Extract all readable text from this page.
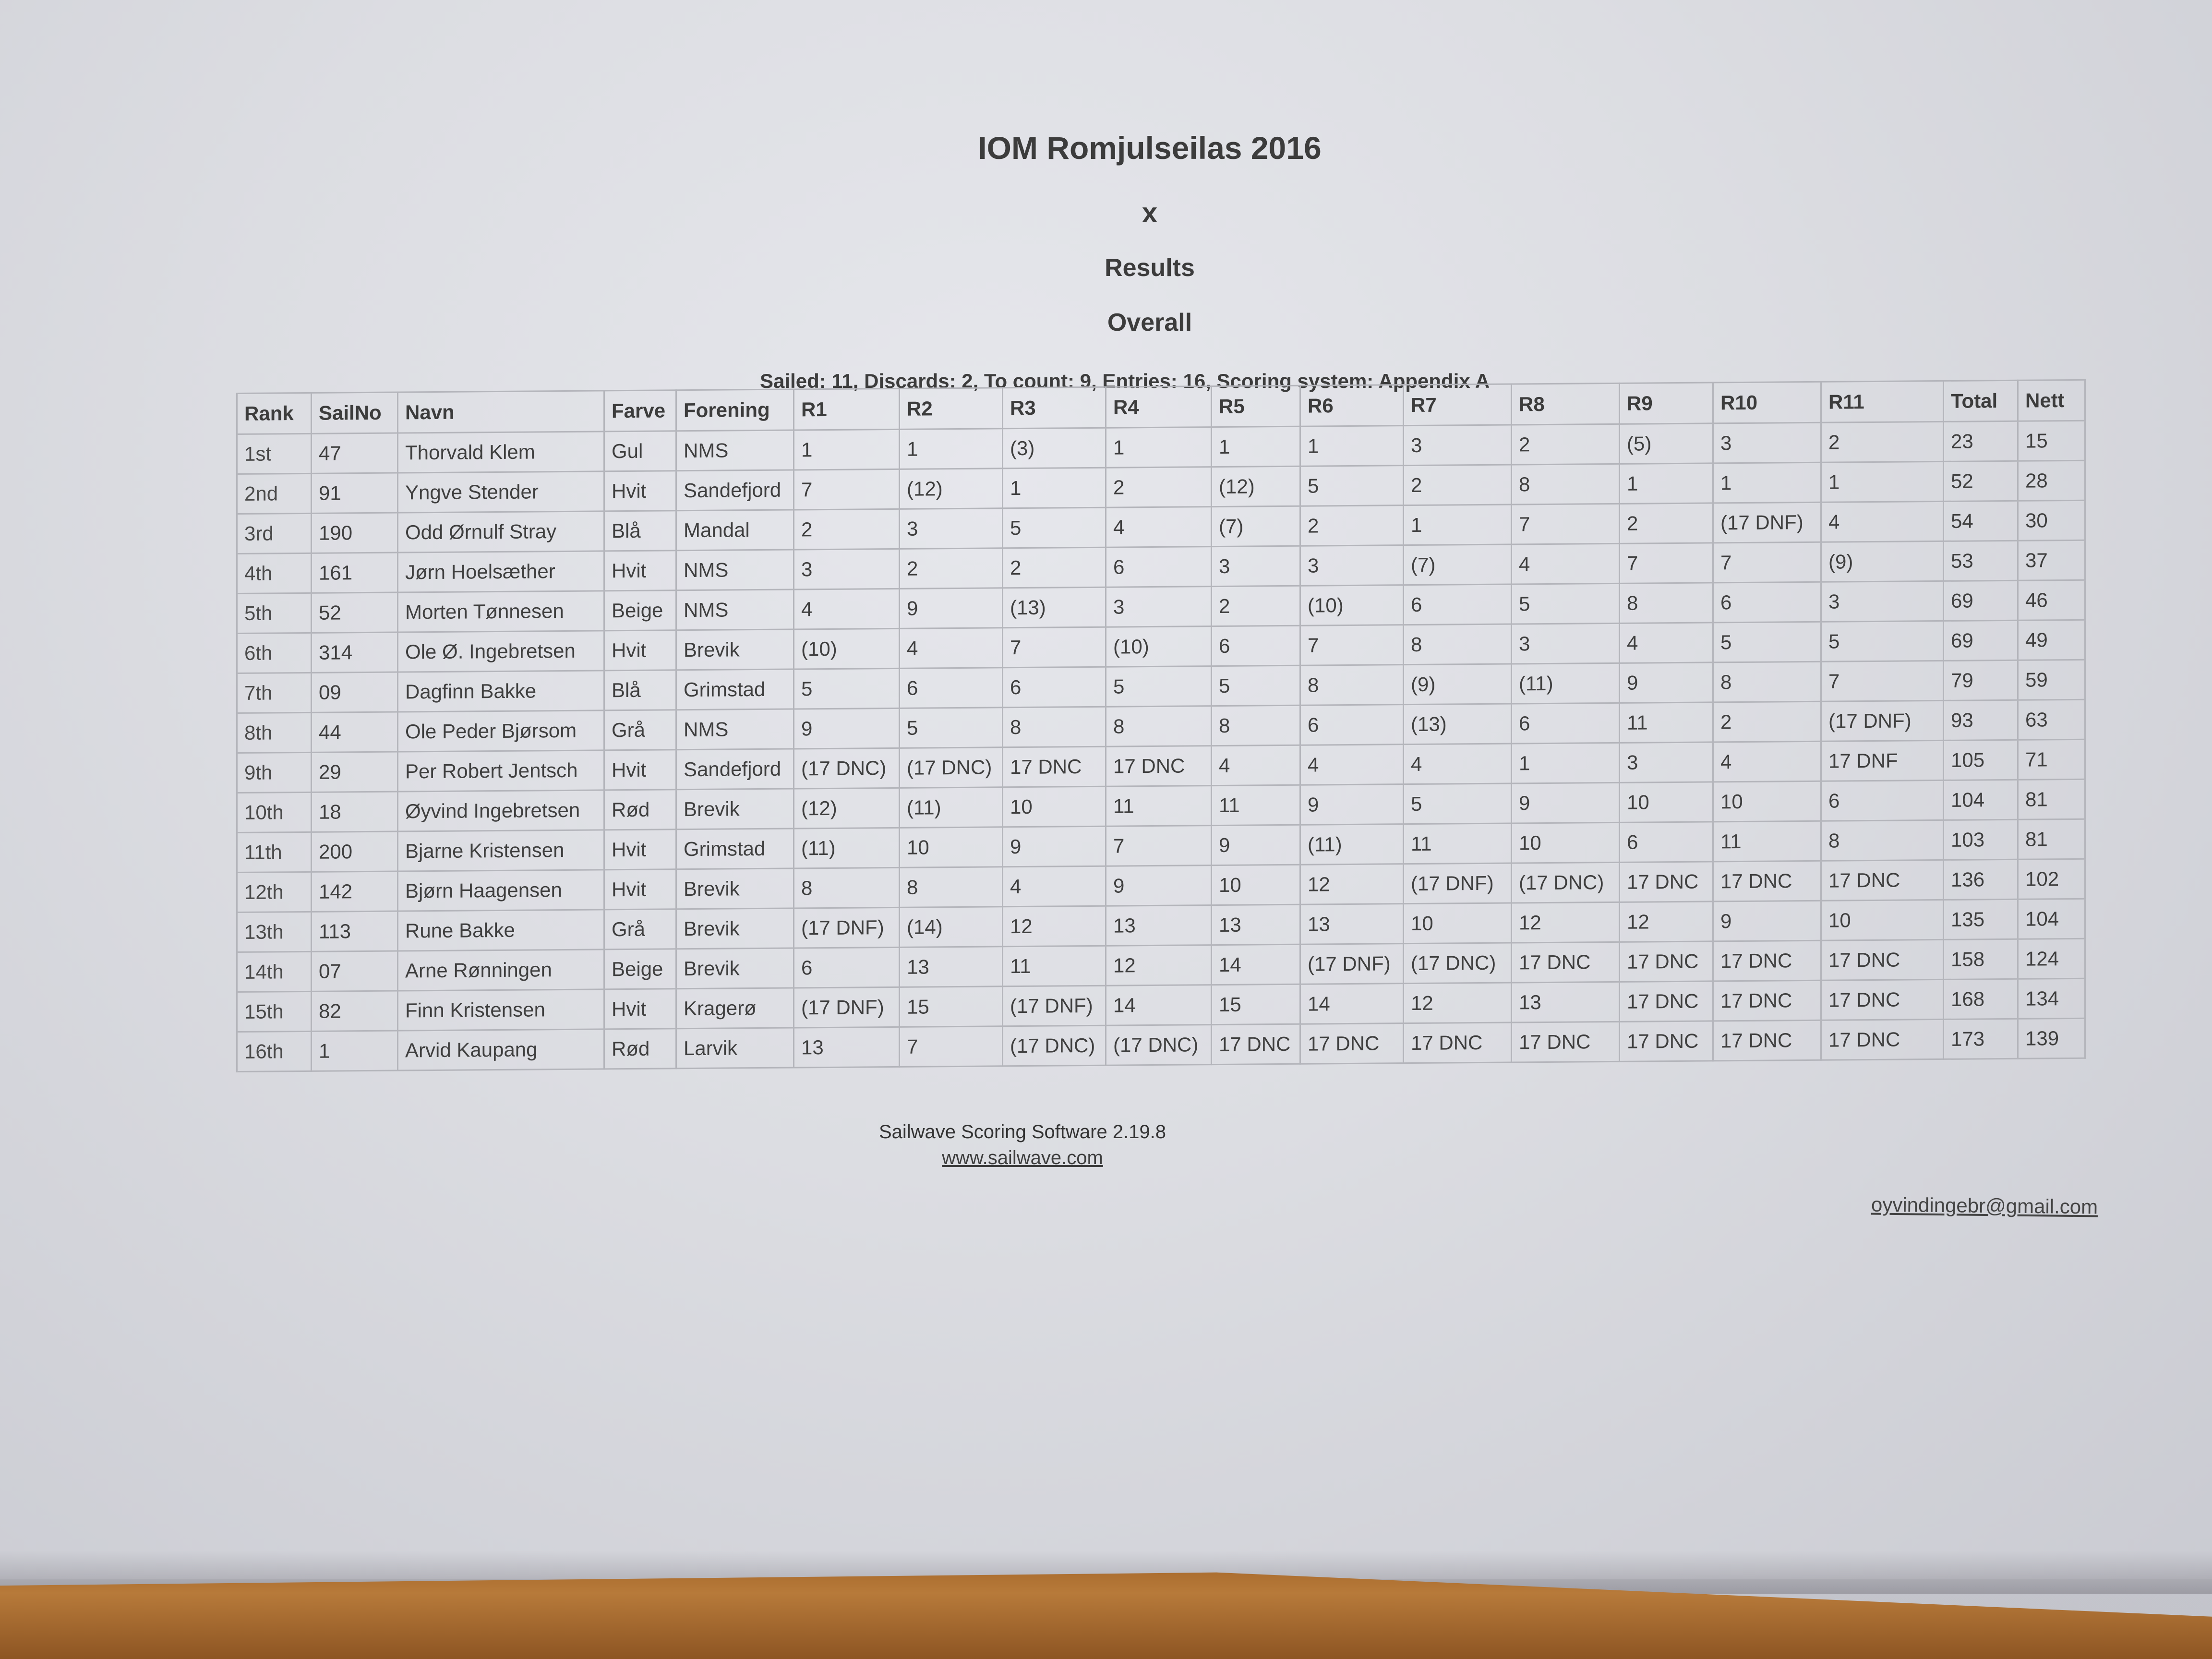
IOM Romjulseilas 2016
x
Results
Overall
Sailed: 11, Discards: 2, To count: 9, Entries: 16, Scoring system: Appendix A
Rank	SailNo	Navn	Farve	Forening	R1	R2	R3	R4	R5	R6	R7	R8	R9	R10	R11	Total	Nett
1st	47	Thorvald Klem	Gul	NMS	1	1	(3)	1	1	1	3	2	(5)	3	2	23	15
2nd	91	Yngve Stender	Hvit	Sandefjord	7	(12)	1	2	(12)	5	2	8	1	1	1	52	28
3rd	190	Odd Ørnulf Stray	Blå	Mandal	2	3	5	4	(7)	2	1	7	2	(17 DNF)	4	54	30
4th	161	Jørn Hoelsæther	Hvit	NMS	3	2	2	6	3	3	(7)	4	7	7	(9)	53	37
5th	52	Morten Tønnesen	Beige	NMS	4	9	(13)	3	2	(10)	6	5	8	6	3	69	46
6th	314	Ole Ø. Ingebretsen	Hvit	Brevik	(10)	4	7	(10)	6	7	8	3	4	5	5	69	49
7th	09	Dagfinn Bakke	Blå	Grimstad	5	6	6	5	5	8	(9)	(11)	9	8	7	79	59
8th	44	Ole Peder Bjørsom	Grå	NMS	9	5	8	8	8	6	(13)	6	11	2	(17 DNF)	93	63
9th	29	Per Robert Jentsch	Hvit	Sandefjord	(17 DNC)	(17 DNC)	17 DNC	17 DNC	4	4	4	1	3	4	17 DNF	105	71
10th	18	Øyvind Ingebretsen	Rød	Brevik	(12)	(11)	10	11	11	9	5	9	10	10	6	104	81
11th	200	Bjarne Kristensen	Hvit	Grimstad	(11)	10	9	7	9	(11)	11	10	6	11	8	103	81
12th	142	Bjørn Haagensen	Hvit	Brevik	8	8	4	9	10	12	(17 DNF)	(17 DNC)	17 DNC	17 DNC	17 DNC	136	102
13th	113	Rune Bakke	Grå	Brevik	(17 DNF)	(14)	12	13	13	13	10	12	12	9	10	135	104
14th	07	Arne Rønningen	Beige	Brevik	6	13	11	12	14	(17 DNF)	(17 DNC)	17 DNC	17 DNC	17 DNC	17 DNC	158	124
15th	82	Finn Kristensen	Hvit	Kragerø	(17 DNF)	15	(17 DNF)	14	15	14	12	13	17 DNC	17 DNC	17 DNC	168	134
16th	1	Arvid Kaupang	Rød	Larvik	13	7	(17 DNC)	(17 DNC)	17 DNC	17 DNC	17 DNC	17 DNC	17 DNC	17 DNC	17 DNC	173	139
Sailwave Scoring Software 2.19.8
www.sailwave.com
oyvindingebr@gmail.com
